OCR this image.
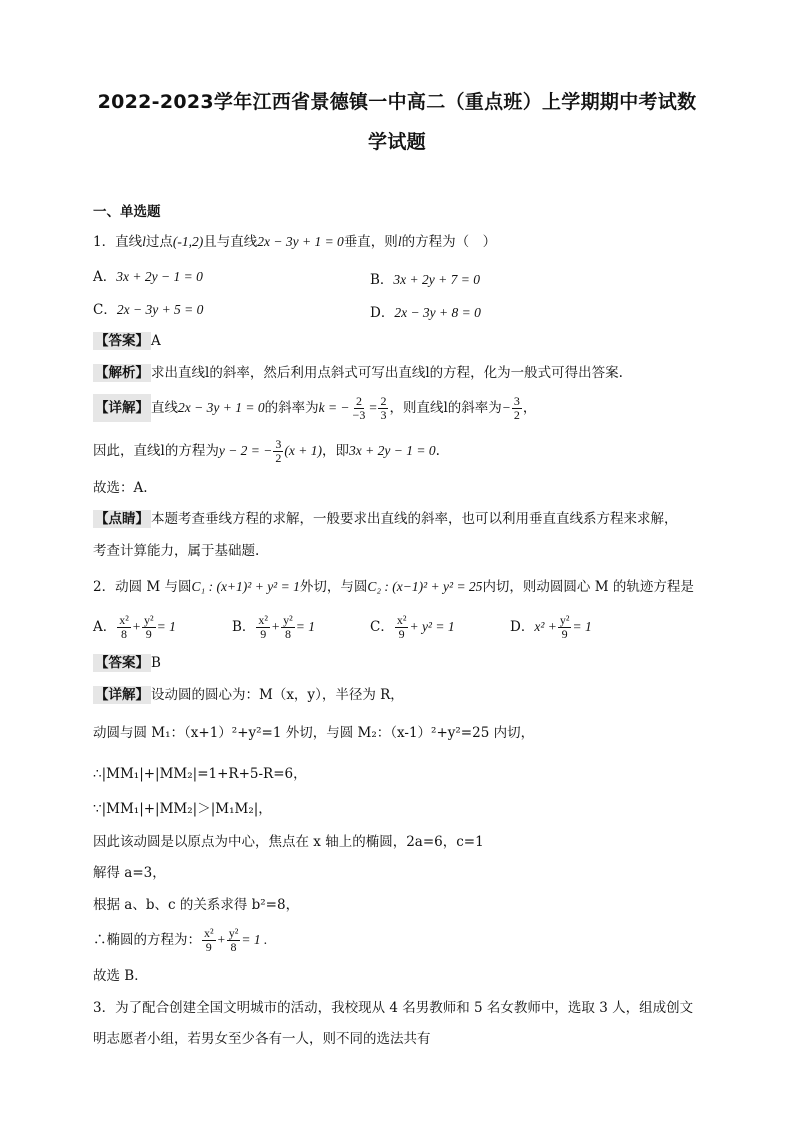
2022-2023学年江西省景德镇一中高二（重点班）上学期期中考试数
学试题
一、单选题
1．直线l过点(-1,2)且与直线2x − 3y + 1 = 0垂直，则l的方程为（　）
A．3x + 2y − 1 = 0	B．3x + 2y + 7 = 0
C．2x − 3y + 5 = 0	D．2x − 3y + 8 = 0
【答案】 A
【解析】 求出直线l的斜率，然后利用点斜式可写出直线l的方程，化为一般式可得出答案.
【详解】 直线2x − 3y + 1 = 0的斜率为k = − $\frac{2}{-3} = \frac{2}{3}$ ，则直线l的斜率为− $\frac{3}{2}$ ，
因此，直线l的方程为y − 2 = − $\frac{3}{2} (x + 1)$，即3x + 2y − 1 = 0.
故选：A.
【点睛】 本题考查垂线方程的求解，一般要求出直线的斜率，也可以利用垂直直线系方程来求解，
考查计算能力，属于基础题.
2．动圆 M 与圆C₁ : (x+1)² + y² = 1外切，与圆C₂ : (x−1)² + y² = 25内切，则动圆圆心 M 的轨迹方程是
A． $\frac{\text{x²}}{8} + \frac{\text{y²}}{9} = 1$	B． $\frac{\text{x²}}{9} + \frac{\text{y²}}{8} = 1$	C． $\frac{\text{x²}}{9} + y^2 = 1$	D．$x^2 + \frac{\text{y²}}{9} = 1$
【答案】 B
【详解】 设动圆的圆心为：M（x，y），半径为 R，
动圆与圆 M₁：（x+1）²+y²=1 外切，与圆 M₂：（x-1）²+y²=25 内切，
∴|MM₁|+|MM₂|=1+R+5-R=6，
∵|MM₁|+|MM₂|＞|M₁M₂|，
因此该动圆是以原点为中心，焦点在 x 轴上的椭圆，2a=6，c=1
解得 a=3，
根据 a、b、c 的关系求得 b²=8，
∴椭圆的方程为： $\frac{\text{x²}}{9} + \frac{\text{y²}}{8} = 1$ .
故选 B．
3．为了配合创建全国文明城市的活动，我校现从 4 名男教师和 5 名女教师中，选取 3 人，组成创文
明志愿者小组，若男女至少各有一人，则不同的选法共有
